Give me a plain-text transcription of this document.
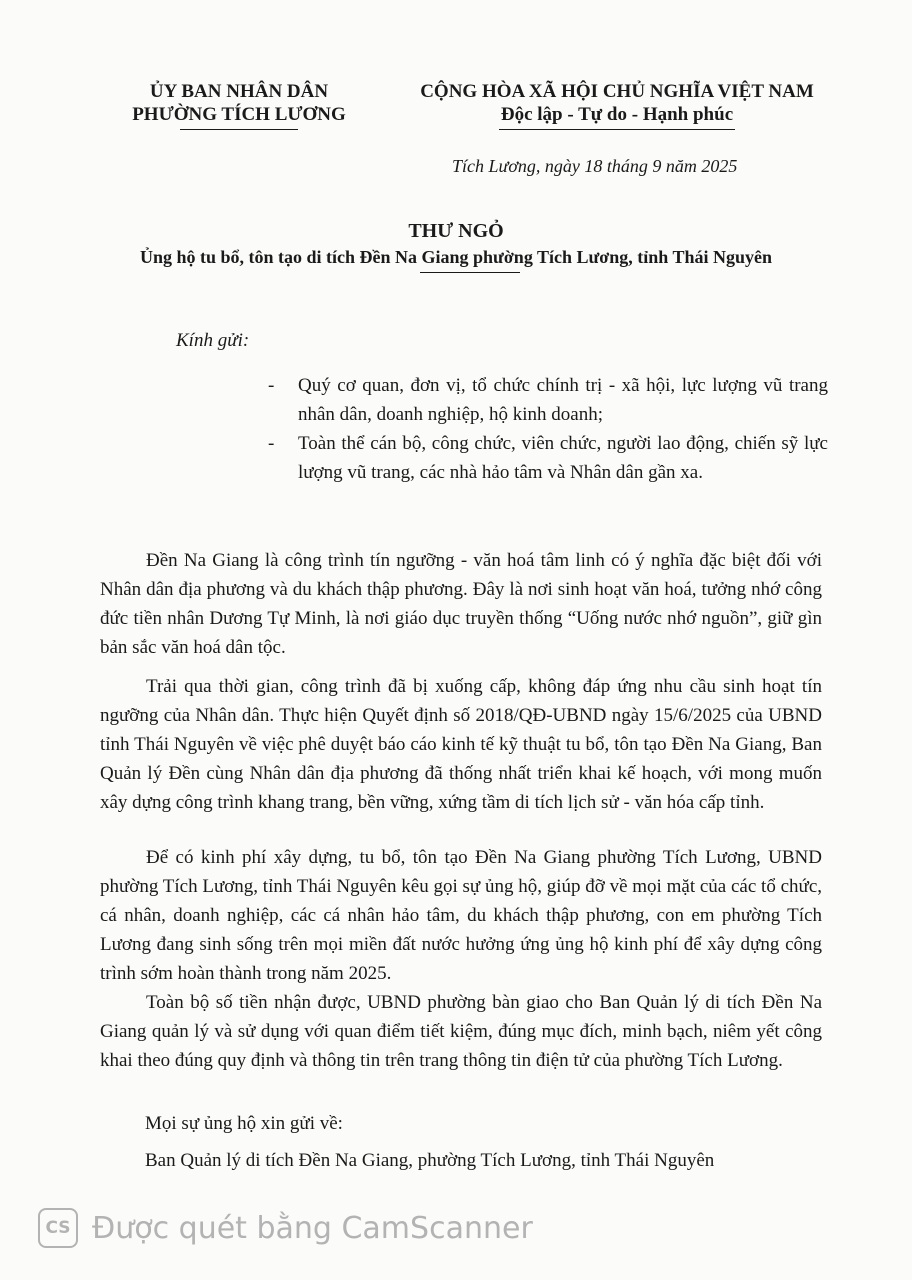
ỦY BAN NHÂN DÂN
PHƯỜNG TÍCH LƯƠNG
CỘNG HÒA XÃ HỘI CHỦ NGHĨA VIỆT NAM
Độc lập - Tự do - Hạnh phúc
Tích Lương, ngày 18 tháng 9 năm 2025
THƯ NGỎ
Ủng hộ tu bổ, tôn tạo di tích Đền Na Giang phường Tích Lương, tỉnh Thái Nguyên
Kính gửi:
-	Quý cơ quan, đơn vị, tổ chức chính trị - xã hội, lực lượng vũ trang nhân dân, doanh nghiệp, hộ kinh doanh;
-	Toàn thể cán bộ, công chức, viên chức, người lao động, chiến sỹ lực lượng vũ trang, các nhà hảo tâm và Nhân dân gần xa.
Đền Na Giang là công trình tín ngưỡng - văn hoá tâm linh có ý nghĩa đặc biệt đối với Nhân dân địa phương và du khách thập phương. Đây là nơi sinh hoạt văn hoá, tưởng nhớ công đức tiền nhân Dương Tự Minh, là nơi giáo dục truyền thống “Uống nước nhớ nguồn”, giữ gìn bản sắc văn hoá dân tộc.
Trải qua thời gian, công trình đã bị xuống cấp, không đáp ứng nhu cầu sinh hoạt tín ngưỡng của Nhân dân. Thực hiện Quyết định số 2018/QĐ-UBND ngày 15/6/2025 của UBND tỉnh Thái Nguyên về việc phê duyệt báo cáo kinh tế kỹ thuật tu bổ, tôn tạo Đền Na Giang, Ban Quản lý Đền cùng Nhân dân địa phương đã thống nhất triển khai kế hoạch, với mong muốn xây dựng công trình khang trang, bền vững, xứng tầm di tích lịch sử - văn hóa cấp tỉnh.
Để có kinh phí xây dựng, tu bổ, tôn tạo Đền Na Giang phường Tích Lương, UBND phường Tích Lương, tỉnh Thái Nguyên kêu gọi sự ủng hộ, giúp đỡ về mọi mặt của các tổ chức, cá nhân, doanh nghiệp, các cá nhân hảo tâm, du khách thập phương, con em phường Tích Lương đang sinh sống trên mọi miền đất nước hưởng ứng ủng hộ kinh phí để xây dựng công trình sớm hoàn thành trong năm 2025.
Toàn bộ số tiền nhận được, UBND phường bàn giao cho Ban Quản lý di tích Đền Na Giang quản lý và sử dụng với quan điểm tiết kiệm, đúng mục đích, minh bạch, niêm yết công khai theo đúng quy định và thông tin trên trang thông tin điện tử của phường Tích Lương.
Mọi sự ủng hộ xin gửi về:
Ban Quản lý di tích Đền Na Giang, phường Tích Lương, tỉnh Thái Nguyên
CS Được quét bằng CamScanner
